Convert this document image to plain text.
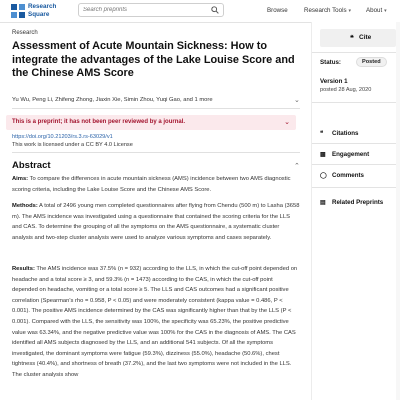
Research
Square
Search preprints	Browse	Research Tools ▾ About ▾
Research
Assessment of Acute Mountain Sickness: How to integrate the advantages of the Lake Louise Score and the Chinese AMS Score
Yu Wu, Peng Li, Zhifeng Zhong, Jiaxin Xie, Simin Zhou, Yuqi Gao, and 1 more	⌄
This is a preprint; it has not been peer reviewed by a journal.	⌄
https://doi.org/10.21203/rs.3.rs-63029/v1
This work is licensed under a CC BY 4.0 License
Abstract	⌃

Aims: To compare the differences in acute mountain sickness (AMS) incidence between two AMS diagnostic scoring criteria, including the Lake Louise Score and the Chinese AMS Score.

Methods: A total of 2496 young men completed questionnaires after flying from Chendu (500 m) to Lasha (3658 m). The AMS incidence was investigated using a questionnaire that contained the scoring criteria for the LLS and CAS. To determine the grouping of all the symptoms on the AMS questionnaire, a systematic cluster analysis and two-step cluster analysis were used to analyze various symptoms and cases separately.

Results: The AMS incidence was 37.5% (n = 932) according to the LLS, in which the cut-off point depended on headache and a total score ≥ 3, and 59.3% (n = 1473) according to the CAS, in which the cut-off point depended on headache, vomiting or a total score ≥ 5. The LLS and CAS outcomes had a significant positive correlation (Spearman's rho = 0.958, P < 0.05) and were moderately consistent (kappa value = 0.486, P < 0.001). The positive AMS incidence determined by the CAS was significantly higher than that by the LLS (P < 0.001). Compared with the LLS, the sensitivity was 100%, the specificity was 65.23%, the positive predictive value was 63.34%, and the negative predictive value was 100% for the CAS in the diagnosis of AMS. The CAS identified all AMS subjects diagnosed by the LLS, and an additional 541 subjects. Of all the symptoms investigated, the dominant symptoms were fatigue (59.3%), dizziness (55.0%), headache (50.6%), chest tightness (40.4%), and shortness of breath (37.2%), and the last two symptoms were not included in the LLS. The cluster analysis show

❝ Cite
Status:	Posted
Version 1
posted 28 Aug, 2020
❝ Citations
▩ Engagement
◯ Comments
▤ Related Preprints
